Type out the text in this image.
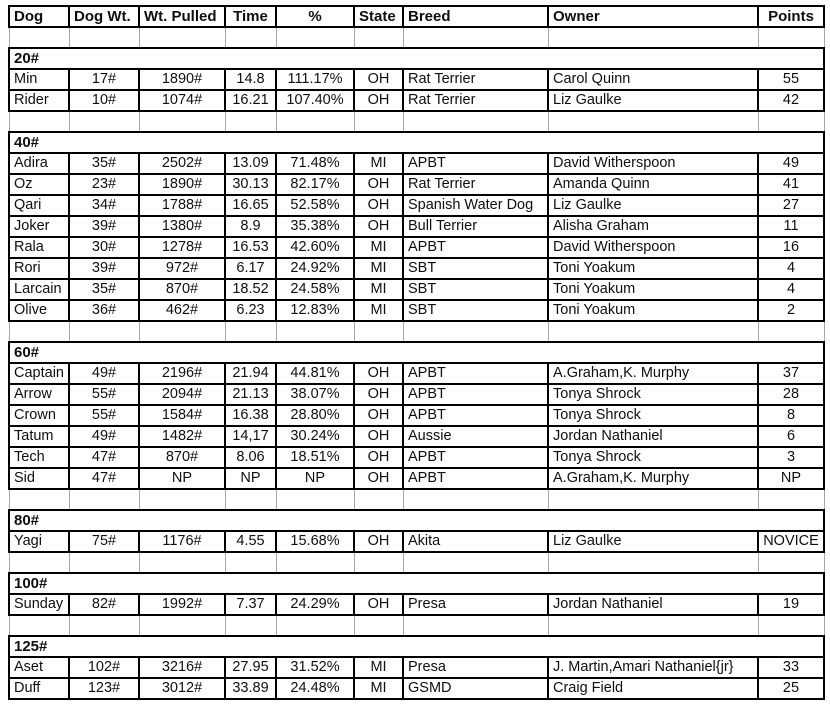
Dog	Dog Wt.	Wt. Pulled	Time	%	State	Breed	Owner	Points

20#								
Min	17#	1890#	14.8	111.17%	OH	Rat Terrier	Carol Quinn	55
Rider	10#	1074#	16.21	107.40%	OH	Rat Terrier	Liz Gaulke	42

40#								
Adira	35#	2502#	13.09	71.48%	MI	APBT	David Witherspoon	49
Oz	23#	1890#	30.13	82.17%	OH	Rat Terrier	Amanda Quinn	41
Qari	34#	1788#	16.65	52.58%	OH	Spanish Water Dog	Liz Gaulke	27
Joker	39#	1380#	8.9	35.38%	OH	Bull Terrier	Alisha Graham	11
Rala	30#	1278#	16.53	42.60%	MI	APBT	David Witherspoon	16
Rori	39#	972#	6.17	24.92%	MI	SBT	Toni Yoakum	4
Larcain	35#	870#	18.52	24.58%	MI	SBT	Toni Yoakum	4
Olive	36#	462#	6.23	12.83%	MI	SBT	Toni Yoakum	2

60#								
Captain	49#	2196#	21.94	44.81%	OH	APBT	A.Graham,K. Murphy	37
Arrow	55#	2094#	21.13	38.07%	OH	APBT	Tonya Shrock	28
Crown	55#	1584#	16.38	28.80%	OH	APBT	Tonya Shrock	8
Tatum	49#	1482#	14,17	30.24%	OH	Aussie	Jordan Nathaniel	6
Tech	47#	870#	8.06	18.51%	OH	APBT	Tonya Shrock	3
Sid	47#	NP	NP	NP	OH	APBT	A.Graham,K. Murphy	NP

80#								
Yagi	75#	1176#	4.55	15.68%	OH	Akita	Liz Gaulke	NOVICE

100#								
Sunday	82#	1992#	7.37	24.29%	OH	Presa	Jordan Nathaniel	19

125#								
Aset	102#	3216#	27.95	31.52%	MI	Presa	J. Martin,Amari Nathaniel{jr}	33
Duff	123#	3012#	33.89	24.48%	MI	GSMD	Craig Field	25
